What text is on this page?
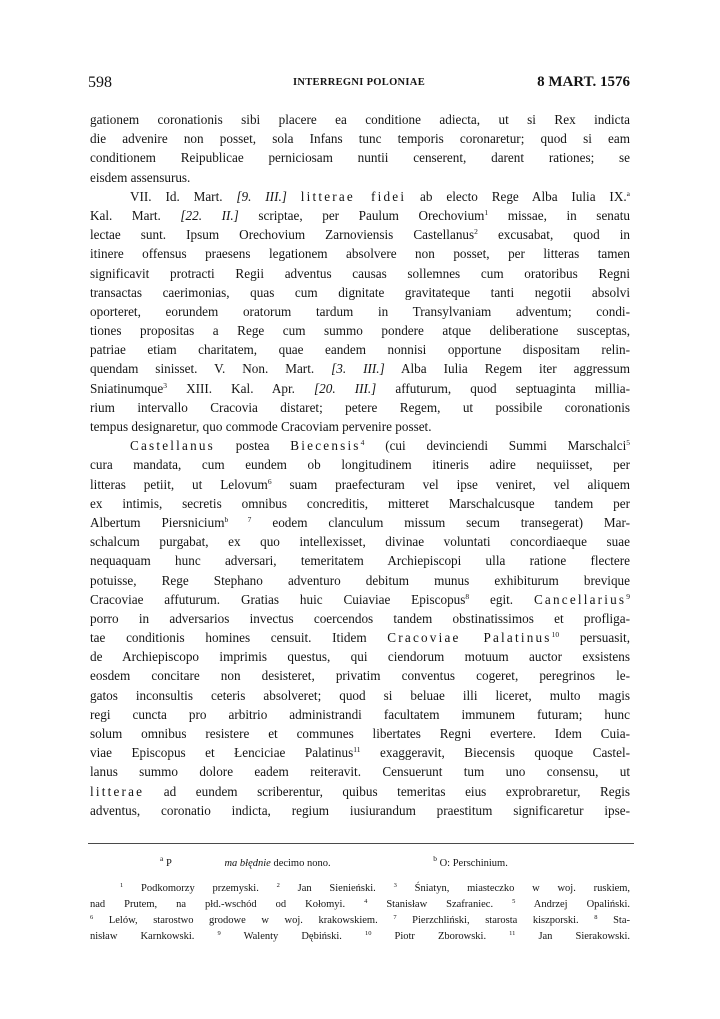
598	INTERREGNI POLONIAE	8 MART. 1576
gationem coronationis sibi placere ea conditione adiecta, ut si Rex indicta
die advenire non posset, sola Infans tunc temporis coronaretur; quod si eam
conditionem Reipublicae perniciosam nuntii censerent, darent rationes; se
eisdem assensurus.
VII. Id. Mart. [9. III.] litterae fidei ab electo Rege Alba Iulia IX.$^a$
Kal. Mart. [22. II.] scriptae, per Paulum Orechovium$^1$ missae, in senatu
lectae sunt. Ipsum Orechovium Zarnoviensis Castellanus$^2$ excusabat, quod in
itinere offensus praesens legationem absolvere non posset, per litteras tamen
significavit protracti Regii adventus causas sollemnes cum oratoribus Regni
transactas caerimonias, quas cum dignitate gravitateque tanti negotii absolvi
oporteret, eorundem oratorum tardum in Transylvaniam adventum; condi-
tiones propositas a Rege cum summo pondere atque deliberatione susceptas,
patriae etiam charitatem, quae eandem nonnisi opportune dispositam relin-
quendam sinisset. V. Non. Mart. [3. III.] Alba Iulia Regem iter aggressum
Sniatinumque$^3$ XIII. Kal. Apr. [20. III.] affuturum, quod septuaginta millia-
rium intervallo Cracovia distaret; petere Regem, ut possibile coronationis
tempus designaretur, quo commode Cracoviam pervenire posset.
Castellanus postea Biecensis$^4$ (cui devinciendi Summi Marschalci$^5$
cura mandata, cum eundem ob longitudinem itineris adire nequiisset, per
litteras petiit, ut Lelovum$^6$ suam praefecturam vel ipse veniret, vel aliquem
ex intimis, secretis omnibus concreditis, mitteret Marschalcusque tandem per
Albertum Piersnicium$^{b 7}$ eodem clanculum missum secum transegerat) Mar-
schalcum purgabat, ex quo intellexisset, divinae voluntati concordiaeque suae
nequaquam hunc adversari, temeritatem Archiepiscopi ulla ratione flectere
potuisse, Rege Stephano adventuro debitum munus exhibiturum brevique
Cracoviae affuturum. Gratias huic Cuiaviae Episcopus$^8$ egit. Cancellarius$^9$
porro in adversarios invectus coercendos tandem obstinatissimos et profliga-
tae conditionis homines censuit. Itidem Cracoviae Palatinus$^{10}$ persuasit,
de Archiepiscopo imprimis questus, qui ciendorum motuum auctor exsistens
eosdem concitare non desisteret, privatim conventus cogeret, peregrinos le-
gatos inconsultis ceteris absolveret; quod si beluae illi liceret, multo magis
regi cuncta pro arbitrio administrandi facultatem immunem futuram; hunc
solum omnibus resistere et communes libertates Regni evertere. Idem Cuia-
viae Episcopus et Łenciciae Palatinus$^{11}$ exaggeravit, Biecensis quoque Castel-
lanus summo dolore eadem reiteravit. Censuerunt tum uno consensu, ut
litterae ad eundem scriberentur, quibus temeritas eius exprobraretur, Regis
adventus, coronatio indicta, regium iusiurandum praestitum significaretur ipse-
$^a$ P	ma błędnie decimo nono.	$^b$ O: Perschinium.
$^1$ Podkomorzy przemyski.	$^2$ Jan Sienieński.	$^3$ Śniatyn, miasteczko w woj. ruskiem,
nad Prutem, na płd.-wschód od Kołomyi.	$^4$ Stanisław Szafraniec.	$^5$ Andrzej Opaliński.
$^6$ Lelów, starostwo grodowe w woj. krakowskiem. $^7$ Pierzchliński, starosta kiszporski. $^8$ Sta-
nisław Karnkowski.	$^9$ Walenty Dębiński.	$^{10}$ Piotr Zborowski.	$^{11}$ Jan Sierakowski.
